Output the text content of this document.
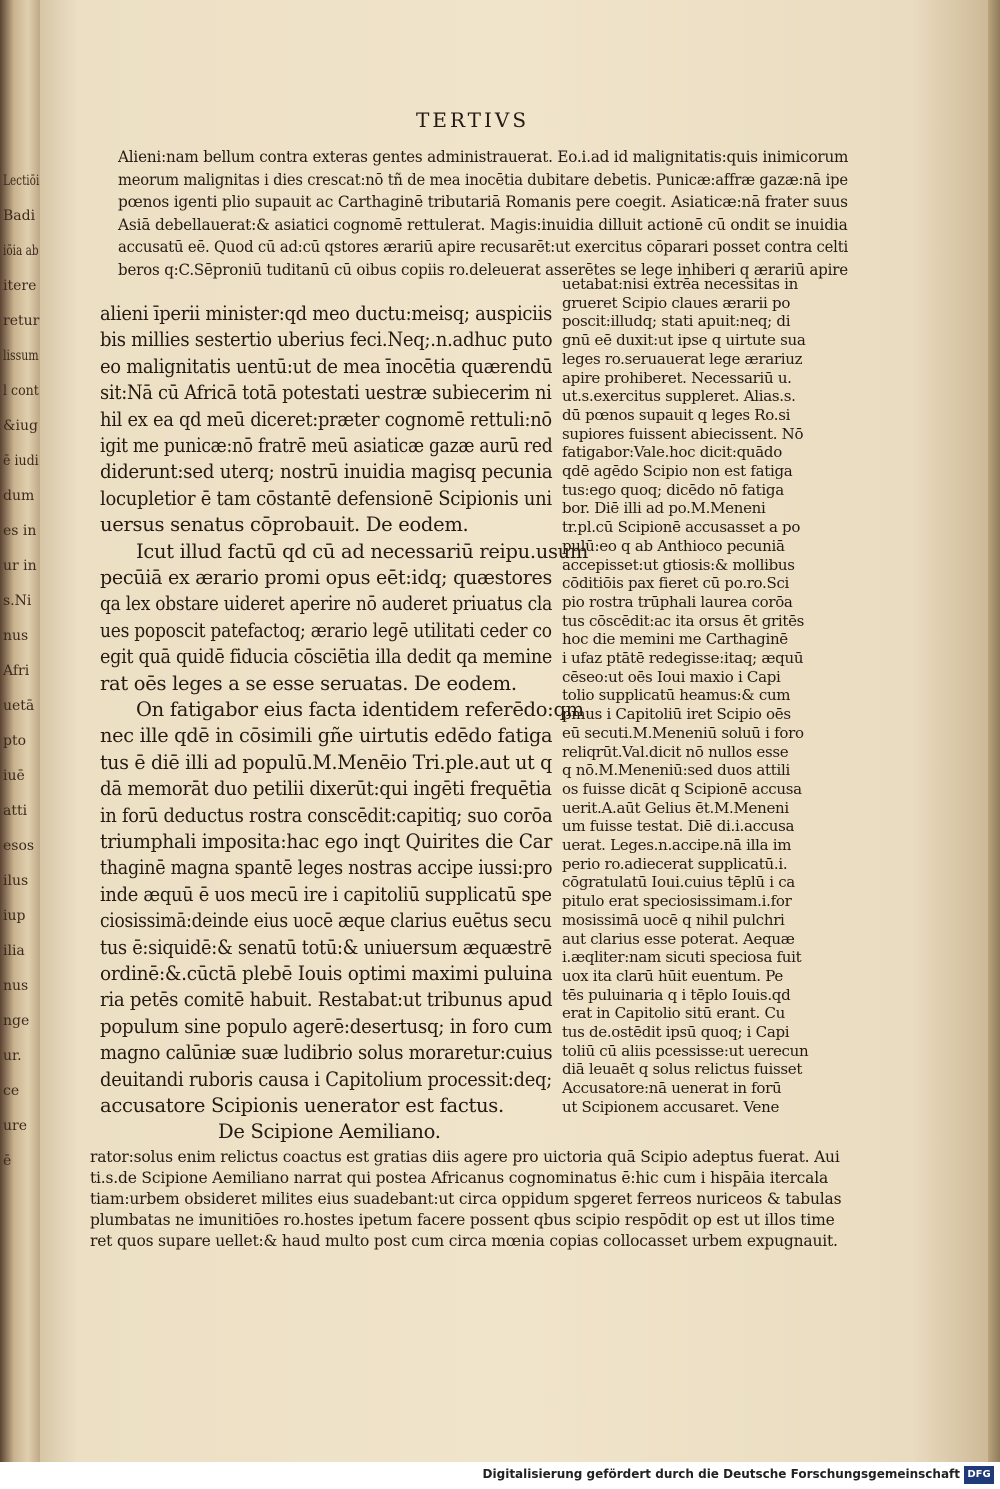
Lectiōi
Badi
iōia ab
itere
retur
lissum
l cont
&iug
ē iudi
dum
es in
ur in
s.Ni
nus
Afri
uetā
pto
iuē
atti
esos
ilus
iup
ilia
nus
nge
ur.
ce
ure
ē
TERTIVS
Alieni:nam bellum contra exteras gentes administrauerat. Eo.i.ad id malignitatis:quis inimicorum
meorum malignitas i dies crescat:nō tñ de mea inocētia dubitare debetis. Punicæ:affræ gazæ:nā ipe
pœnos igenti plio supauit ac Carthaginē tributariā Romanis pere coegit. Asiaticæ:nā frater suus
Asiā debellauerat:& asiatici cognomē rettulerat. Magis:inuidia dilluit actionē cū ondit se inuidia
accusatū eē. Quod cū ad:cū qstores ærariū apire recusarēt:ut exercitus cōparari posset contra celti
beros q:C.Sēproniū tuditanū cū oibus copiis ro.deleuerat asserētes se lege inhiberi q ærariū apire
alieni īperii minister:qd meo ductu:meisq; auspiciis
bis millies sestertio uberius feci.Neq;.n.adhuc puto
eo malignitatis uentū:ut de mea īnocētia quærendū
sit:Nā cū Africā totā potestati uestræ subiecerim ni
hil ex ea qd meū diceret:præter cognomē rettuli:nō
igit me punicæ:nō fratrē meū asiaticæ gazæ aurū red
diderunt:sed uterq; nostrū inuidia magisq pecunia
locupletior ē tam cōstantē defensionē Scipionis uni
uersus senatus cōprobauit. De eodem.
Icut illud factū qd cū ad necessariū reipu.usum
pecūiā ex ærario promi opus eēt:idq; quæstores
qa lex obstare uideret aperire nō auderet priuatus cla
ues poposcit patefactoq; ærario legē utilitati ceder co
egit quā quidē fiducia cōsciētia illa dedit qa memine
rat oēs leges a se esse seruatas. De eodem.
On fatigabor eius facta identidem referēdo:qm
nec ille qdē in cōsimili gñe uirtutis edēdo fatiga
tus ē diē illi ad populū.M.Menēio Tri.ple.aut ut q
dā memorāt duo petilii dixerūt:qui ingēti frequētia
in forū deductus rostra conscēdit:capitiq; suo corōa
triumphali imposita:hac ego inqt Quirites die Car
thaginē magna spantē leges nostras accipe iussi:pro
inde æquū ē uos mecū ire i capitoliū supplicatū spe
ciosissimā:deinde eius uocē æque clarius euētus secu
tus ē:siquidē:& senatū totū:& uniuersum æquæstrē
ordinē:&.cūctā plebē Iouis optimi maximi puluina
ria petēs comitē habuit. Restabat:ut tribunus apud
populum sine populo agerē:desertusq; in foro cum
magno calūniæ suæ ludibrio solus moraretur:cuius
deuitandi ruboris causa i Capitolium processit:deq;
accusatore Scipionis uenerator est factus.
De Scipione Aemiliano.
uetabat:nisi extrēa necessitas in
grueret Scipio claues ærarii po
poscit:illudq; stati apuit:neq; di
gnū eē duxit:ut ipse q uirtute sua
leges ro.seruauerat lege ærariuz
apire prohiberet. Necessariū u.
ut.s.exercitus suppleret. Alias.s.
dū pœnos supauit q leges Ro.si
supiores fuissent abiecissent. Nō
fatigabor:Vale.hoc dicit:quādo
qdē agēdo Scipio non est fatiga
tus:ego quoq; dicēdo nō fatiga
bor. Diē illi ad po.M.Meneni
tr.pl.cū Scipionē accusasset a po
pulū:eo q ab Anthioco pecuniā
accepisset:ut gtiosis:& mollibus
cōditiōis pax fieret cū po.ro.Sci
pio rostra trūphali laurea corōa
tus cōscēdit:ac ita orsus ēt gritēs
hoc die memini me Carthaginē
i ufaz ptātē redegisse:itaq; æquū
cēseo:ut oēs Ioui maxio i Capi
tolio supplicatū heamus:& cum
pmus i Capitoliū iret Scipio oēs
eū secuti.M.Meneniū soluū i foro
reliqrūt.Val.dicit nō nullos esse
q nō.M.Meneniū:sed duos attili
os fuisse dicāt q Scipionē accusa
uerit.A.aūt Gelius ēt.M.Meneni
um fuisse testat. Diē di.i.accusa
uerat. Leges.n.accipe.nā illa im
perio ro.adiecerat supplicatū.i.
cōgratulatū Ioui.cuius tēplū i ca
pitulo erat speciosissimam.i.for
mosissimā uocē q nihil pulchri
aut clarius esse poterat. Aequæ
i.æqliter:nam sicuti speciosa fuit
uox ita clarū hūit euentum. Pe
tēs puluinaria q i tēplo Iouis.qd
erat in Capitolio sitū erant. Cu
tus de.ostēdit ipsū quoq; i Capi
toliū cū aliis pcessisse:ut uerecun
diā leuaēt q solus relictus fuisset
Accusatore:nā uenerat in forū
ut Scipionem accusaret. Vene
rator:solus enim relictus coactus est gratias diis agere pro uictoria quā Scipio adeptus fuerat. Aui
ti.s.de Scipione Aemiliano narrat qui postea Africanus cognominatus ē:hic cum i hispāia itercala
tiam:urbem obsideret milites eius suadebant:ut circa oppidum spgeret ferreos nuriceos & tabulas
plumbatas ne imunitiōes ro.hostes ipetum facere possent qbus scipio respōdit op est ut illos time
ret quos supare uellet:& haud multo post cum circa mœnia copias collocasset urbem expugnauit.
Digitalisierung gefördert durch die Deutsche Forschungsgemeinschaft DFG
